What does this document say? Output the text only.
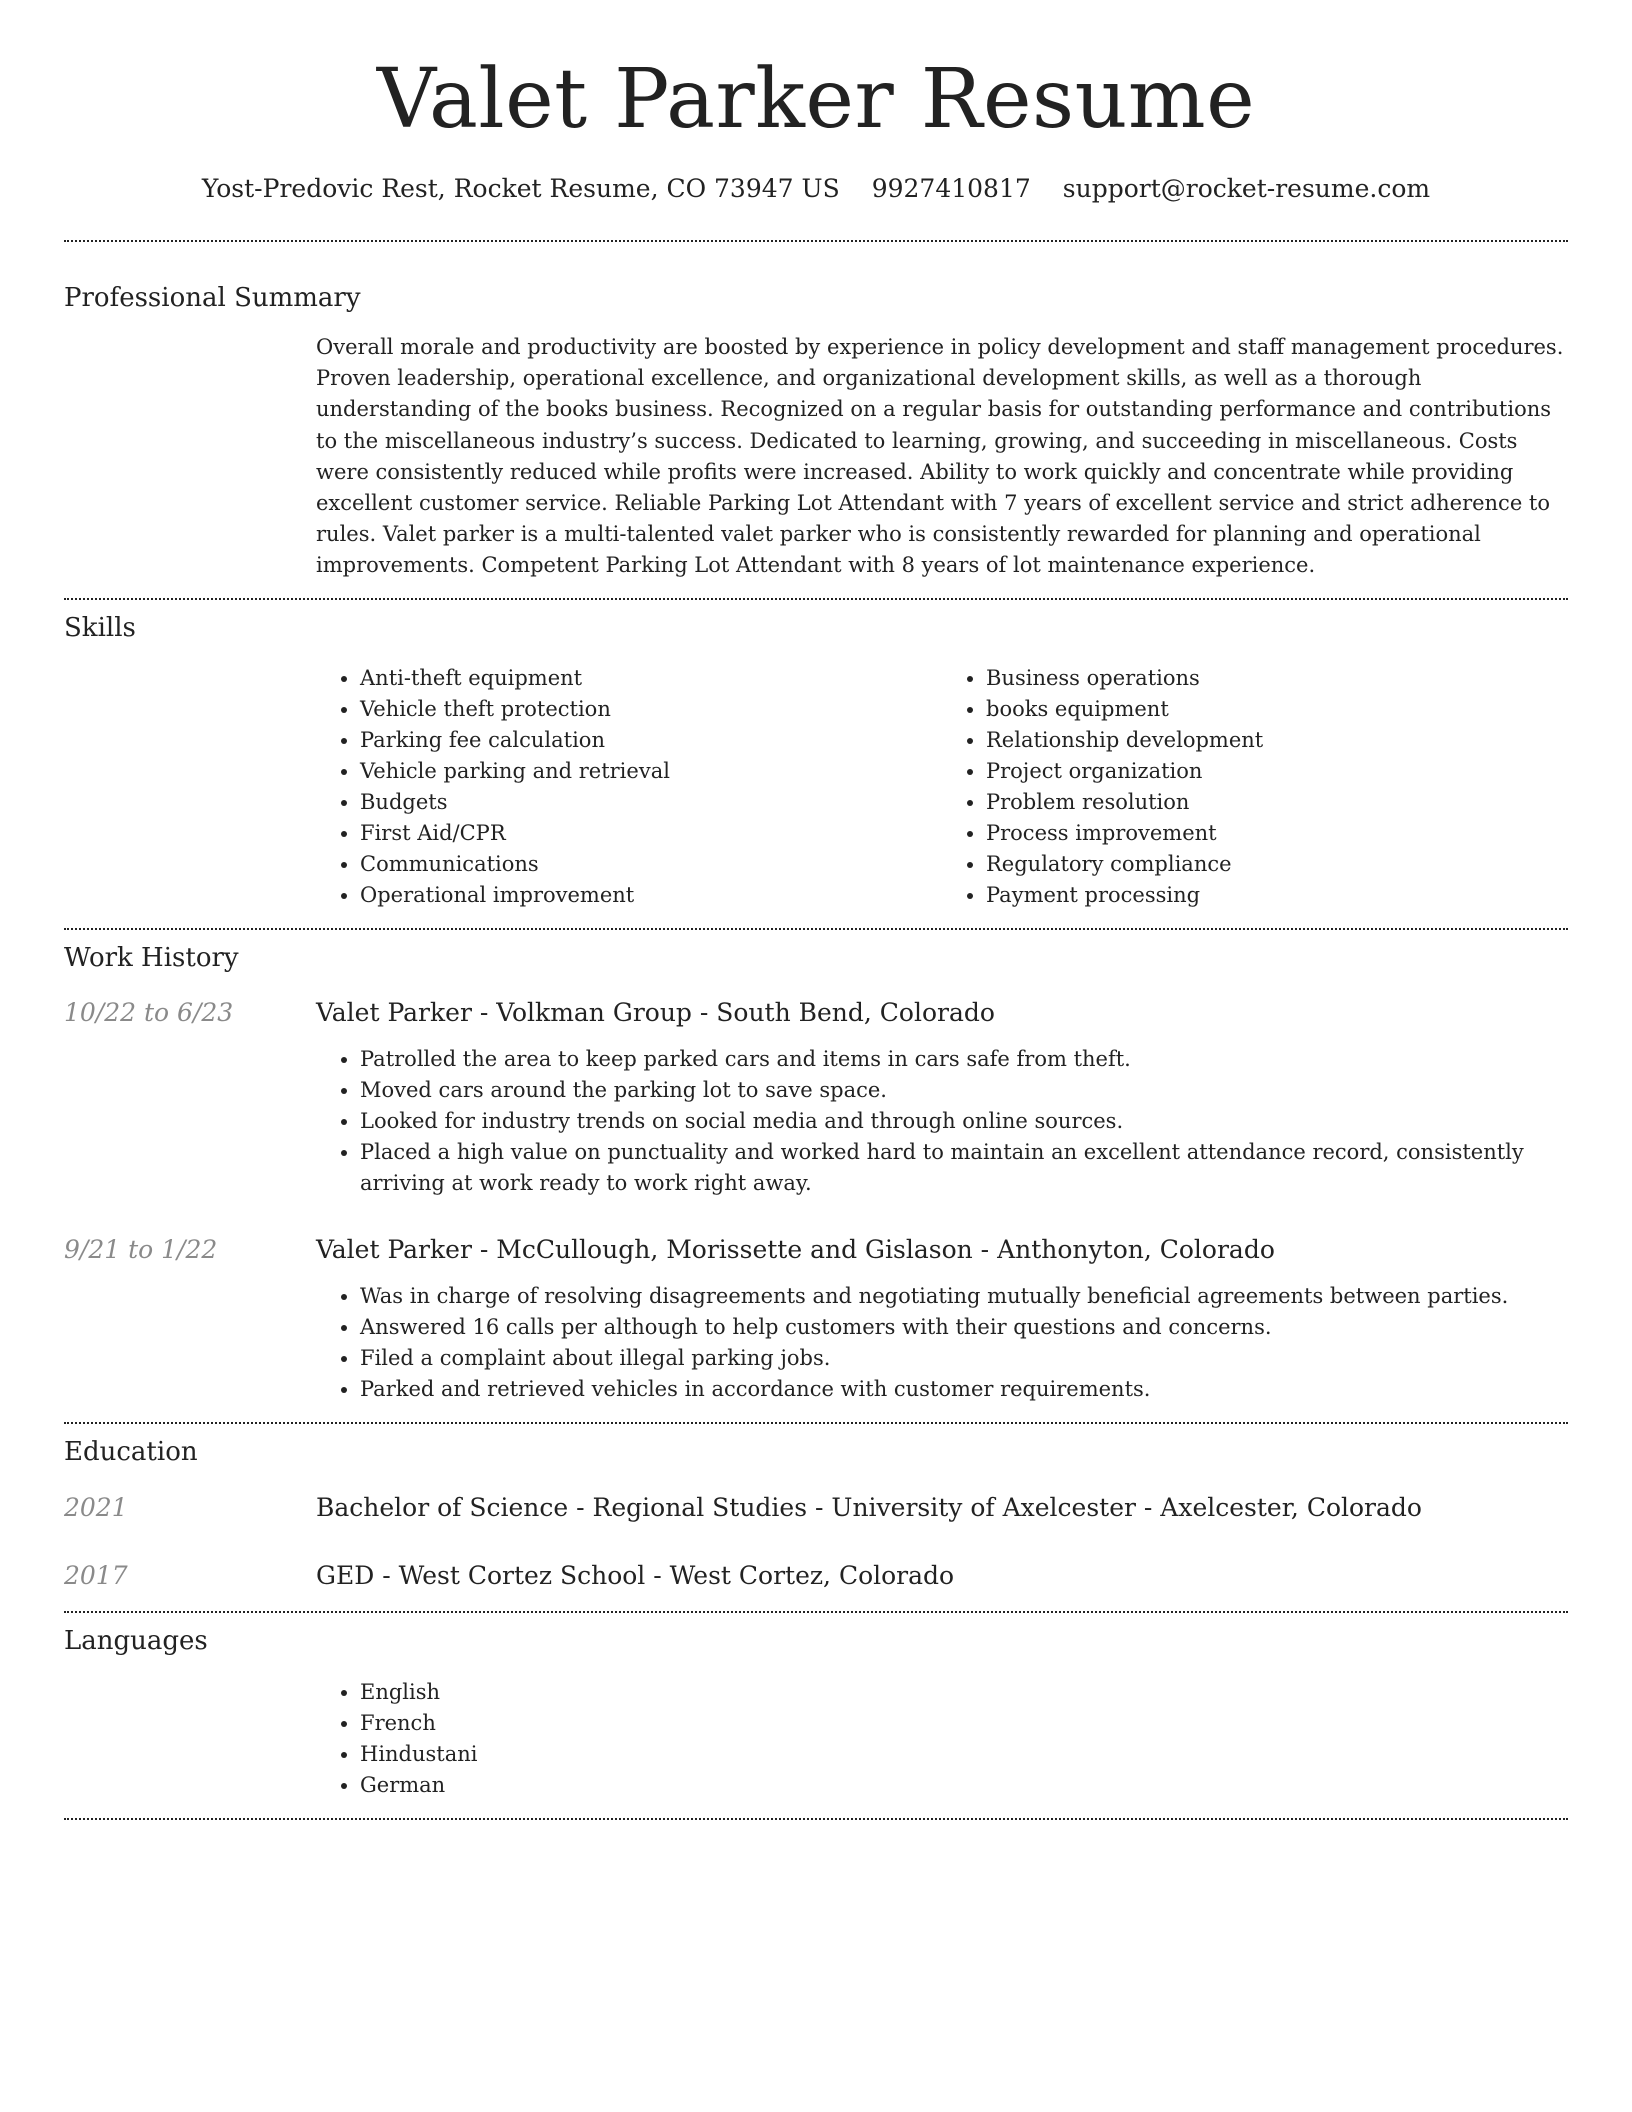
Valet Parker Resume
Yost-Predovic Rest, Rocket Resume, CO 73947 US 9927410817 support@rocket-resume.com
Professional Summary

Overall morale and productivity are boosted by experience in policy development and staff management procedures. Proven leadership, operational excellence, and organizational development skills, as well as a thorough understanding of the books business. Recognized on a regular basis for outstanding performance and contributions to the miscellaneous industry’s success. Dedicated to learning, growing, and succeeding in miscellaneous. Costs were consistently reduced while profits were increased. Ability to work quickly and concentrate while providing excellent customer service. Reliable Parking Lot Attendant with 7 years of excellent service and strict adherence to rules. Valet parker is a multi-talented valet parker who is consistently rewarded for planning and operational improvements. Competent Parking Lot Attendant with 8 years of lot maintenance experience.

Skills
• Anti-theft equipment
• Vehicle theft protection
• Parking fee calculation
• Vehicle parking and retrieval
• Budgets
• First Aid/CPR
• Communications
• Operational improvement
• Business operations
• books equipment
• Relationship development
• Project organization
• Problem resolution
• Process improvement
• Regulatory compliance
• Payment processing
Work History
10/22 to 6/23	Valet Parker - Volkman Group - South Bend, Colorado
• Patrolled the area to keep parked cars and items in cars safe from theft.
• Moved cars around the parking lot to save space.
• Looked for industry trends on social media and through online sources.
• Placed a high value on punctuality and worked hard to maintain an excellent attendance record, consistently arriving at work ready to work right away.
9/21 to 1/22	Valet Parker - McCullough, Morissette and Gislason - Anthonyton, Colorado
• Was in charge of resolving disagreements and negotiating mutually beneficial agreements between parties.
• Answered 16 calls per although to help customers with their questions and concerns.
• Filed a complaint about illegal parking jobs.
• Parked and retrieved vehicles in accordance with customer requirements.
Education
2021	Bachelor of Science - Regional Studies - University of Axelcester - Axelcester, Colorado
2017	GED - West Cortez School - West Cortez, Colorado
Languages
• English
• French
• Hindustani
• German
